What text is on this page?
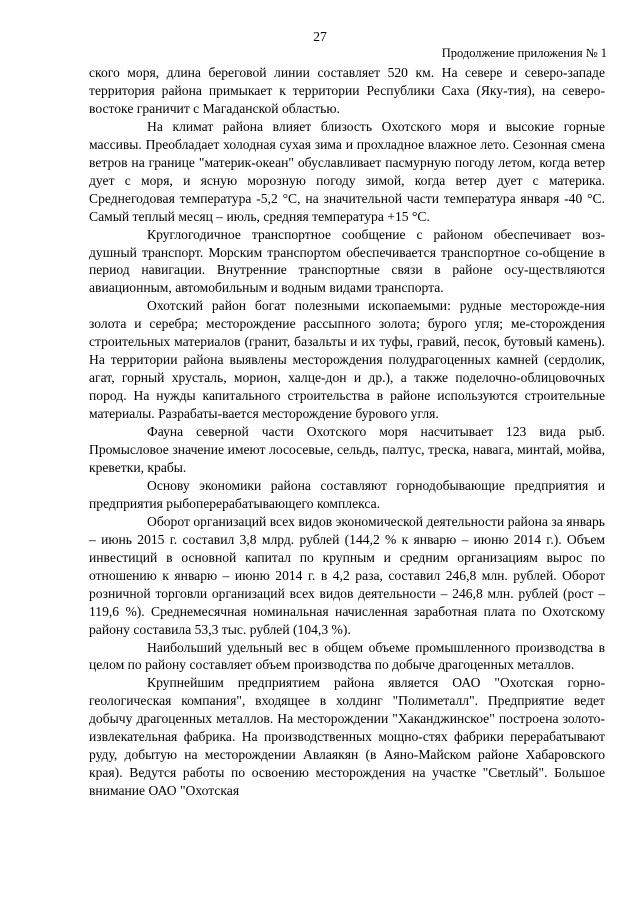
27
Продолжение приложения № 1

ского моря, длина береговой линии составляет 520 км. На севере и северо-западе территория района примыкает к территории Республики Саха (Яку-тия), на северо-востоке граничит с Магаданской областью.

На климат района влияет близость Охотского моря и высокие горные массивы. Преобладает холодная сухая зима и прохладное влажное лето. Сезонная смена ветров на границе "материк-океан" обуславливает пасмурную погоду летом, когда ветер дует с моря, и ясную морозную погоду зимой, когда ветер дует с материка. Среднегодовая температура -5,2 °С, на значительной части температура января -40 °С. Самый теплый месяц – июль, средняя температура +15 °С.

Круглогодичное транспортное сообщение с районом обеспечивает воз-душный транспорт. Морским транспортом обеспечивается транспортное со-общение в период навигации. Внутренние транспортные связи в районе осу-ществляются авиационным, автомобильным и водным видами транспорта.

Охотский район богат полезными ископаемыми: рудные месторожде-ния золота и серебра; месторождение рассыпного золота; бурого угля; ме-сторождения строительных материалов (гранит, базальты и их туфы, гравий, песок, бутовый камень). На территории района выявлены месторождения полудрагоценных камней (сердолик, агат, горный хрусталь, морион, халце-дон и др.), а также поделочно-облицовочных пород. На нужды капитального строительства в районе используются строительные материалы. Разрабаты-вается месторождение бурового угля.

Фауна северной части Охотского моря насчитывает 123 вида рыб. Промысловое значение имеют лососевые, сельдь, палтус, треска, навага, минтай, мойва, креветки, крабы.

Основу экономики района составляют горнодобывающие предприятия и предприятия рыбоперерабатывающего комплекса.

Оборот организаций всех видов экономической деятельности района за январь – июнь 2015 г. составил 3,8 млрд. рублей (144,2 % к январю – июню 2014 г.). Объем инвестиций в основной капитал по крупным и средним организациям вырос по отношению к январю – июню 2014 г. в 4,2 раза, составил 246,8 млн. рублей. Оборот розничной торговли организаций всех видов деятельности – 246,8 млн. рублей (рост – 119,6 %). Среднемесячная номинальная начисленная заработная плата по Охотскому району составила 53,3 тыс. рублей (104,3 %).

Наибольший удельный вес в общем объеме промышленного производства в целом по району составляет объем производства по добыче драгоценных металлов.

Крупнейшим предприятием района является ОАО "Охотская горно-геологическая компания", входящее в холдинг "Полиметалл". Предприятие ведет добычу драгоценных металлов. На месторождении "Хаканджинское" построена золото-извлекательная фабрика. На производственных мощно-стях фабрики перерабатывают руду, добытую на месторождении Авлаякян (в Аяно-Майском районе Хабаровского края). Ведутся работы по освоению месторождения на участке "Светлый". Большое внимание ОАО "Охотская
